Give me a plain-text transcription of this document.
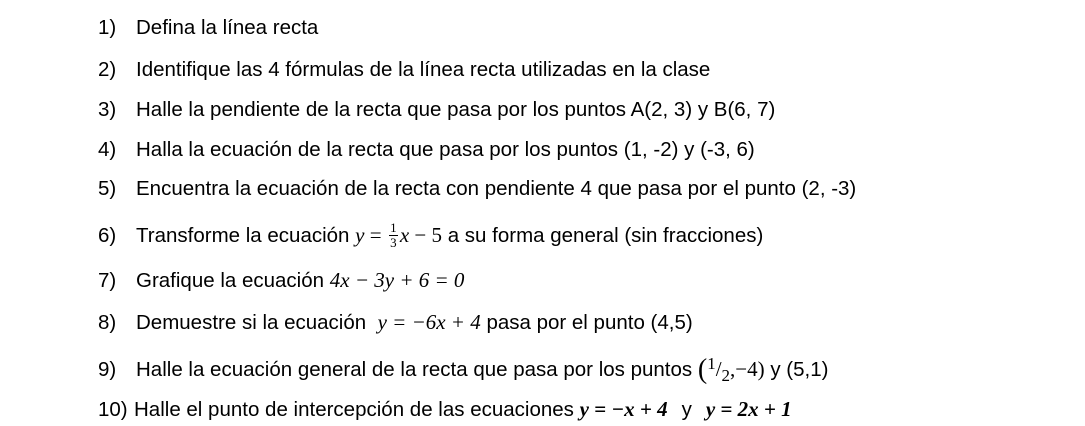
1) Defina la línea recta
2) Identifique las 4 fórmulas de la línea recta utilizadas en la clase
3) Halle la pendiente de la recta que pasa por los puntos A(2, 3) y B(6, 7)
4) Halla la ecuación de la recta que pasa por los puntos (1, -2) y (-3, 6)
5) Encuentra la ecuación de la recta con pendiente 4 que pasa por el punto (2, -3)
6) Transforme la ecuación $y = \frac{1}{3}$ x − 5 a su forma general (sin fracciones)
7) Grafique la ecuación 4x − 3y + 6 = 0
8) Demuestre si la ecuación y = −6x + 4 pasa por el punto (4,5)
9) Halle la ecuación general de la recta que pasa por los puntos $(^1/_2,-4)$ y (5,1)
10) Halle el punto de intercepción de las ecuaciones y = −x + 4 y y = 2x + 1
